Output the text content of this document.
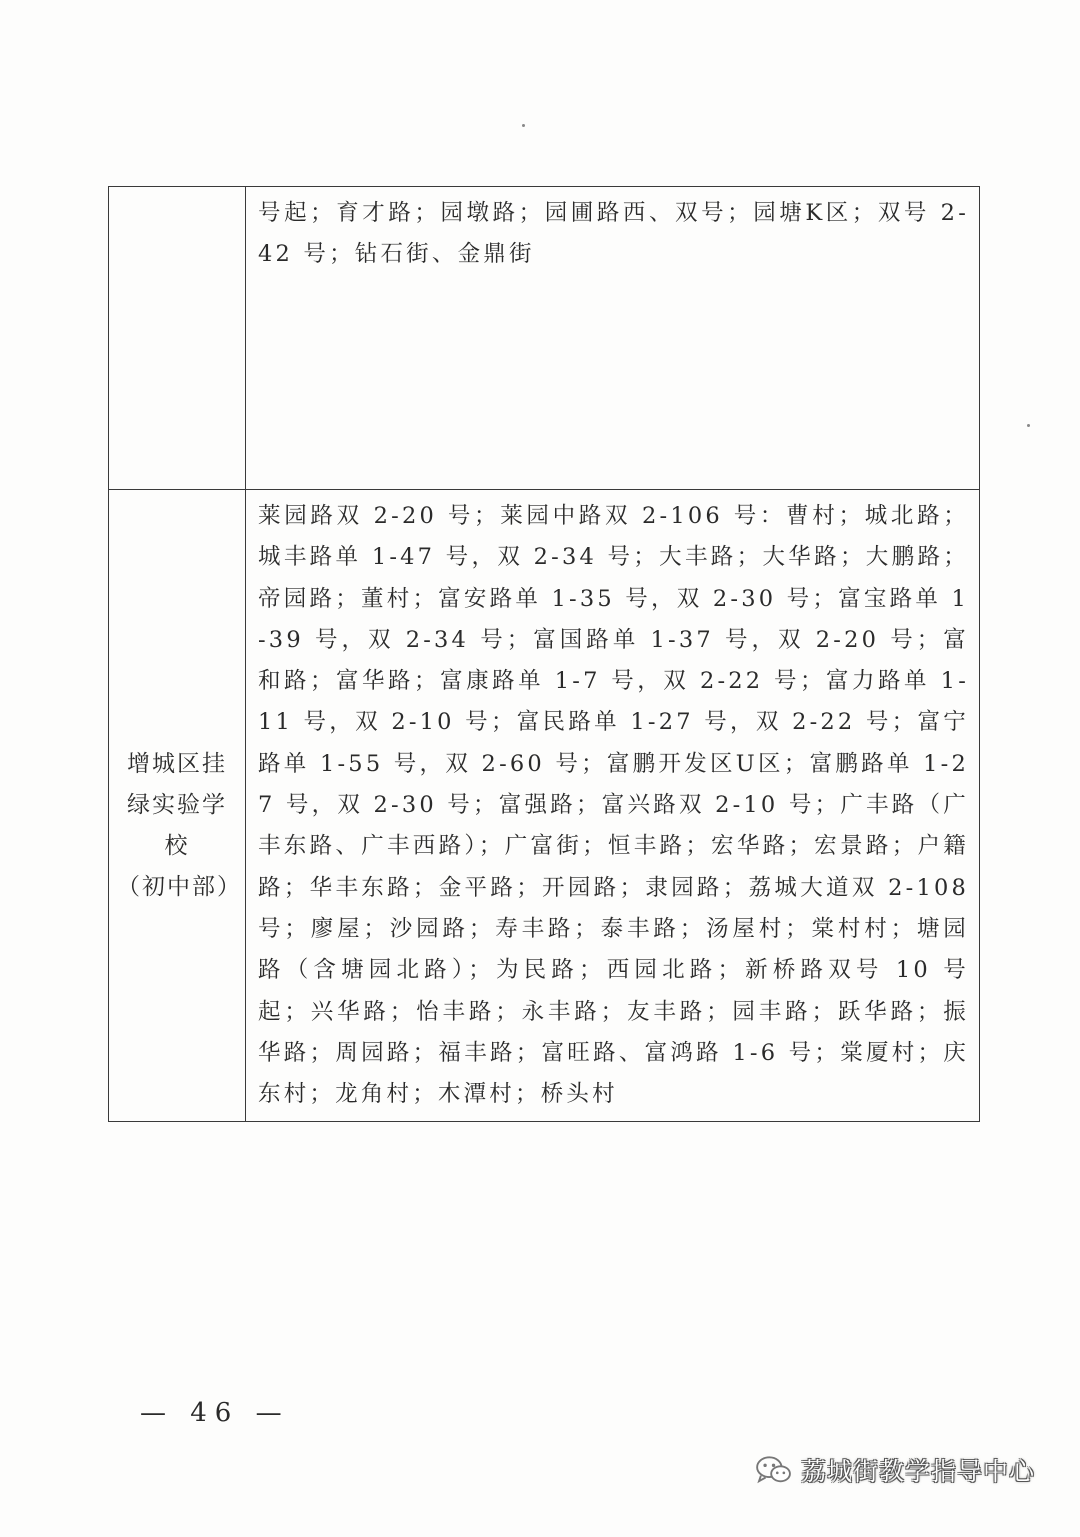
	号起；育才路；园墩路；园圃路西、双号；园塘K区；双号 2-42 号；钻石街、金鼎街

增城区挂绿实验学校
（初中部）	莱园路双 2-20 号；莱园中路双 2-106 号：曹村；城北路；城丰路单 1-47 号，双 2-34 号；大丰路；大华路；大鹏路；帝园路；董村；富安路单 1-35 号，双 2-30 号；富宝路单 1-39 号，双 2-34 号；富国路单 1-37 号，双 2-20 号；富和路；富华路；富康路单 1-7 号，双 2-22 号；富力路单 1-11 号，双 2-10 号；富民路单 1-27 号，双 2-22 号；富宁路单 1-55 号，双 2-60 号；富鹏开发区U区；富鹏路单 1-27 号，双 2-30 号；富强路；富兴路双 2-10 号；广丰路（广丰东路、广丰西路）；广富街；恒丰路；宏华路；宏景路；户籍路；华丰东路；金平路；开园路；隶园路；荔城大道双 2-108 号；廖屋；沙园路；寿丰路；泰丰路；汤屋村；棠村村；塘园路（含塘园北路）；为民路；西园北路；新桥路双号 10 号起；兴华路；怡丰路；永丰路；友丰路；园丰路；跃华路；振华路；周园路；福丰路；富旺路、富鸿路 1-6 号；棠厦村；庆东村；龙角村；木潭村；桥头村
— 46 —
荔城街教学指导中心
